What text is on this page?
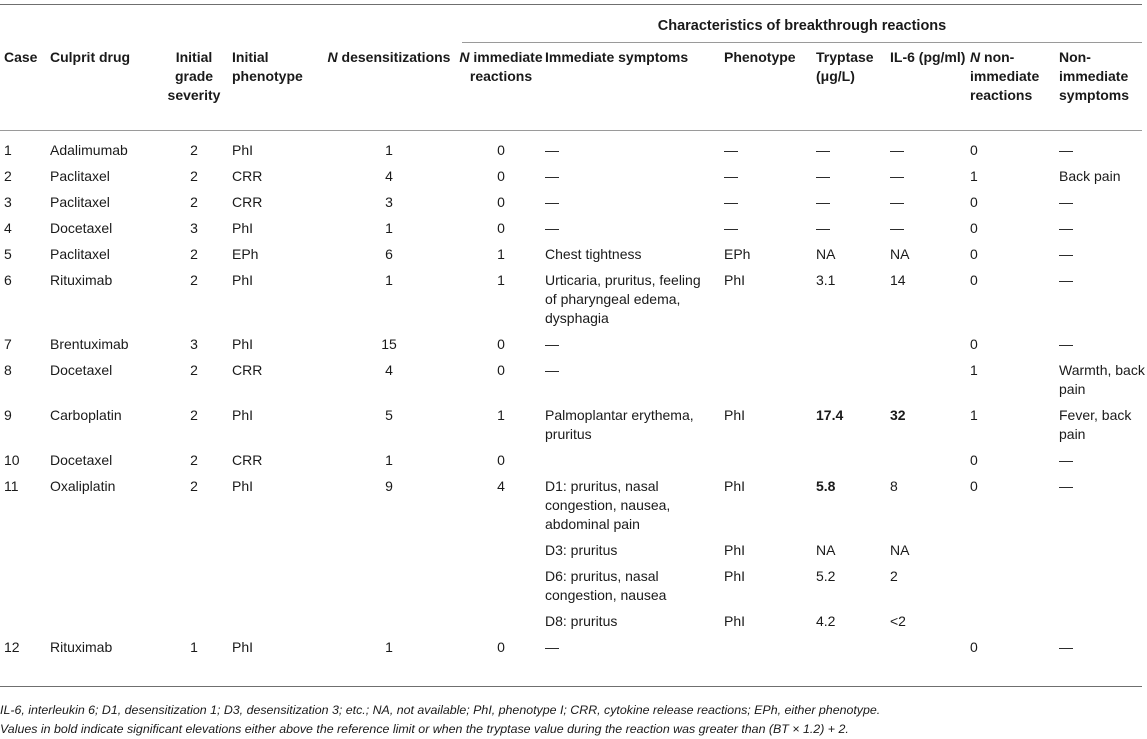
Characteristics of breakthrough reactions
Case	Culprit drug	Initial grade severity	Initial phenotype	N desensitizations	N immediate reactions	Immediate symptoms	Phenotype	Tryptase (μg/L)	IL-6 (pg/ml)	N non-immediate reactions	Non-immediate symptoms
1	Adalimumab	2	PhI	1	0	—	—	—	—	0	—
2	Paclitaxel	2	CRR	4	0	—	—	—	—	1	Back pain
3	Paclitaxel	2	CRR	3	0	—	—	—	—	0	—
4	Docetaxel	3	PhI	1	0	—	—	—	—	0	—
5	Paclitaxel	2	EPh	6	1	Chest tightness	EPh	NA	NA	0	—
6	Rituximab	2	PhI	1	1	Urticaria, pruritus, feeling of pharyngeal edema, dysphagia	PhI	3.1	14	0	—
7	Brentuximab	3	PhI	15	0	—				0	—
8	Docetaxel	2	CRR	4	0	—				1	Warmth, back pain
9	Carboplatin	2	PhI	5	1	Palmoplantar erythema, pruritus	PhI	17.4	32	1	Fever, back pain
10	Docetaxel	2	CRR	1	0					0	—
11	Oxaliplatin	2	PhI	9	4	D1: pruritus, nasal congestion, nausea, abdominal pain	PhI	5.8	8	0	—
						D3: pruritus	PhI	NA	NA		
						D6: pruritus, nasal congestion, nausea	PhI	5.2	2		
						D8: pruritus	PhI	4.2	<2		
12	Rituximab	1	PhI	1	0	—				0	—
IL-6, interleukin 6; D1, desensitization 1; D3, desensitization 3; etc.; NA, not available; PhI, phenotype I; CRR, cytokine release reactions; EPh, either phenotype.
Values in bold indicate significant elevations either above the reference limit or when the tryptase value during the reaction was greater than (BT × 1.2) + 2.
